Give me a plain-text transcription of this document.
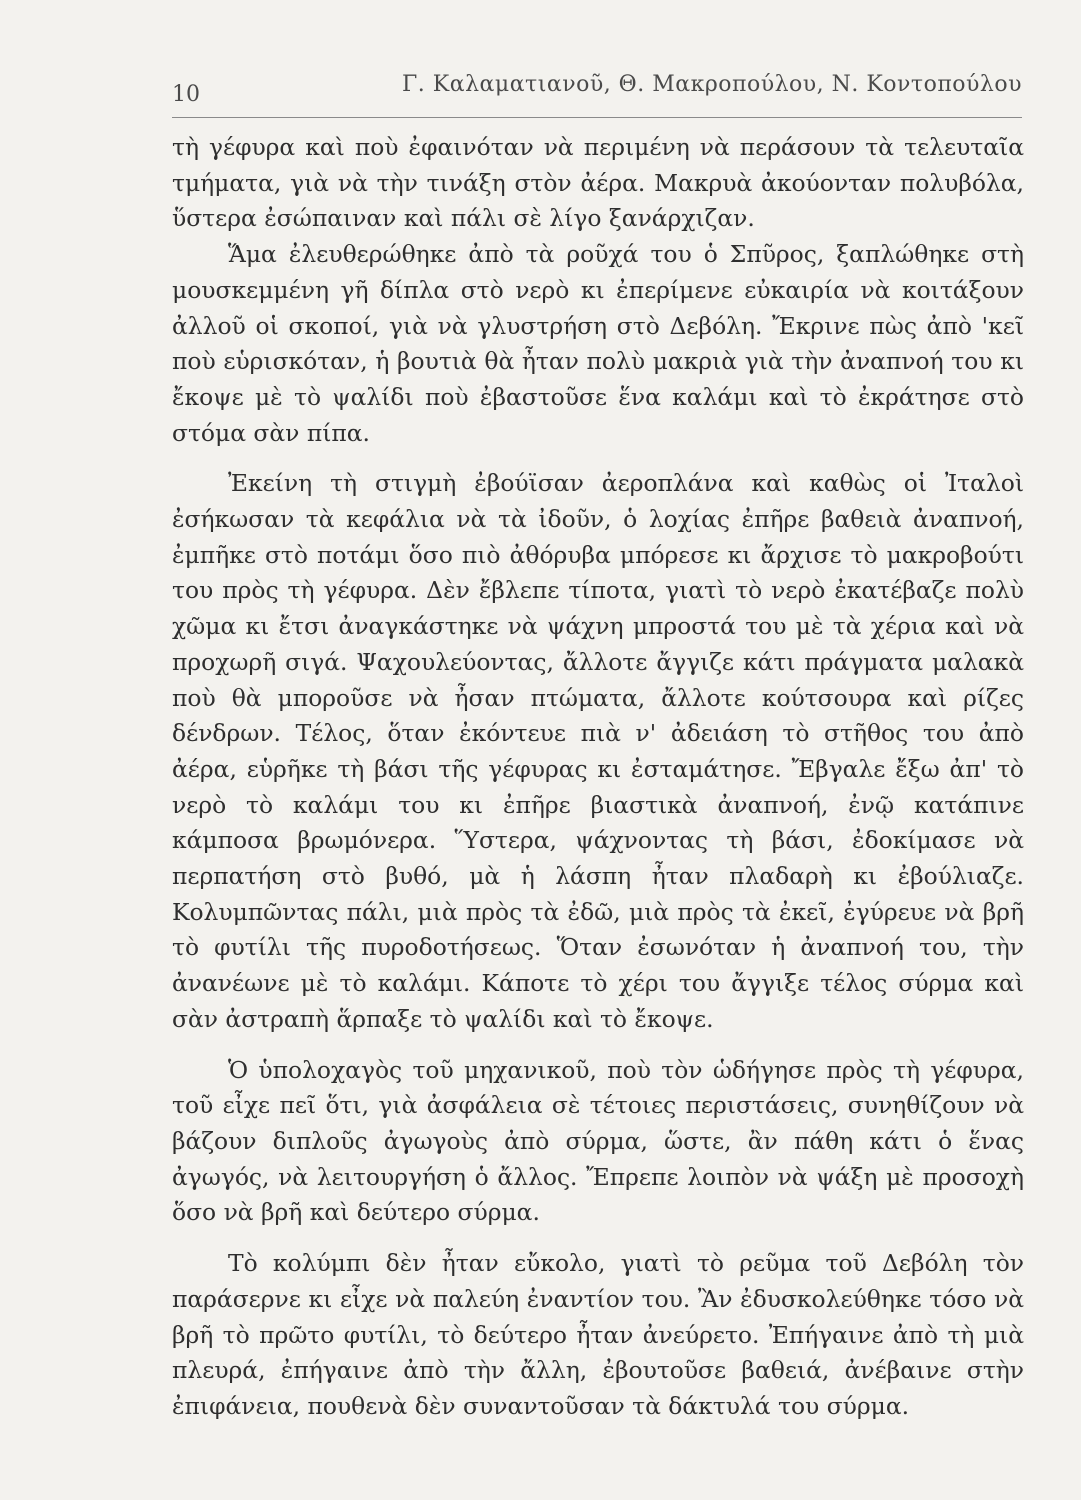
10	Γ. Καλαματιανοῦ, Θ. Μακροπούλου, Ν. Κοντοπούλου

τὴ γέφυρα καὶ ποὺ ἐφαινόταν νὰ περιμένη νὰ περάσουν τὰ τελευταῖα τμήματα, γιὰ νὰ τὴν τινάξη στὸν ἀέρα. Μακρυὰ ἀκούονταν πολυβόλα, ὕστερα ἐσώπαιναν καὶ πάλι σὲ λίγο ξανάρχιζαν.

Ἅμα ἐλευθερώθηκε ἀπὸ τὰ ροῦχά του ὁ Σπῦρος, ξαπλώθηκε στὴ μουσκεμμένη γῆ δίπλα στὸ νερὸ κι ἐπερίμενε εὐκαιρία νὰ κοιτάξουν ἀλλοῦ οἱ σκοποί, γιὰ νὰ γλυστρήση στὸ Δεβόλη. Ἔκρινε πὼς ἀπὸ 'κεῖ ποὺ εὑρισκόταν, ἡ βουτιὰ θὰ ἦταν πολὺ μακριὰ γιὰ τὴν ἀναπνοή του κι ἔκοψε μὲ τὸ ψαλίδι ποὺ ἐβαστοῦσε ἕνα καλάμι καὶ τὸ ἐκράτησε στὸ στόμα σὰν πίπα.

Ἐκείνη τὴ στιγμὴ ἐβούϊσαν ἀεροπλάνα καὶ καθὼς οἱ Ἰταλοὶ ἐσήκωσαν τὰ κεφάλια νὰ τὰ ἰδοῦν, ὁ λοχίας ἐπῆρε βαθειὰ ἀναπνοή, ἐμπῆκε στὸ ποτάμι ὅσο πιὸ ἀθόρυβα μπόρεσε κι ἄρχισε τὸ μακροβούτι του πρὸς τὴ γέφυρα. Δὲν ἔβλεπε τίποτα, γιατὶ τὸ νερὸ ἐκατέβαζε πολὺ χῶμα κι ἔτσι ἀναγκάστηκε νὰ ψάχνη μπροστά του μὲ τὰ χέρια καὶ νὰ προχωρῆ σιγά. Ψαχουλεύοντας, ἄλλοτε ἄγγιζε κάτι πράγματα μαλακὰ ποὺ θὰ μποροῦσε νὰ ἦσαν πτώματα, ἄλλοτε κούτσουρα καὶ ρίζες δένδρων. Τέλος, ὅταν ἐκόντευε πιὰ ν' ἀδειάση τὸ στῆθος του ἀπὸ ἀέρα, εὑρῆκε τὴ βάσι τῆς γέφυρας κι ἐσταμάτησε. Ἔβγαλε ἔξω ἀπ' τὸ νερὸ τὸ καλάμι του κι ἐπῆρε βιαστικὰ ἀναπνοή, ἐνῷ κατάπινε κάμποσα βρωμόνερα. Ὕστερα, ψάχνοντας τὴ βάσι, ἐδοκίμασε νὰ περπατήση στὸ βυθό, μὰ ἡ λάσπη ἦταν πλαδαρὴ κι ἐβούλιαζε. Κολυμπῶντας πάλι, μιὰ πρὸς τὰ ἐδῶ, μιὰ πρὸς τὰ ἐκεῖ, ἐγύρευε νὰ βρῆ τὸ φυτίλι τῆς πυροδοτήσεως. Ὅταν ἐσωνόταν ἡ ἀναπνοή του, τὴν ἀνανέωνε μὲ τὸ καλάμι. Κάποτε τὸ χέρι του ἄγγιξε τέλος σύρμα καὶ σὰν ἀστραπὴ ἅρπαξε τὸ ψαλίδι καὶ τὸ ἔκοψε.

Ὁ ὑπολοχαγὸς τοῦ μηχανικοῦ, ποὺ τὸν ὡδήγησε πρὸς τὴ γέφυρα, τοῦ εἶχε πεῖ ὅτι, γιὰ ἀσφάλεια σὲ τέτοιες περιστάσεις, συνηθίζουν νὰ βάζουν διπλοῦς ἀγωγοὺς ἀπὸ σύρμα, ὥστε, ἂν πάθη κάτι ὁ ἕνας ἀγωγός, νὰ λειτουργήση ὁ ἄλλος. Ἔπρεπε λοιπὸν νὰ ψάξη μὲ προσοχὴ ὅσο νὰ βρῆ καὶ δεύτερο σύρμα.

Τὸ κολύμπι δὲν ἦταν εὔκολο, γιατὶ τὸ ρεῦμα τοῦ Δεβόλη τὸν παράσερνε κι εἶχε νὰ παλεύη ἐναντίον του. Ἂν ἐδυσκολεύθηκε τόσο νὰ βρῆ τὸ πρῶτο φυτίλι, τὸ δεύτερο ἦταν ἀνεύρετο. Ἐπήγαινε ἀπὸ τὴ μιὰ πλευρά, ἐπήγαινε ἀπὸ τὴν ἄλλη, ἐβουτοῦσε βαθειά, ἀνέβαινε στὴν ἐπιφάνεια, πουθενὰ δὲν συναντοῦσαν τὰ δάκτυλά του σύρμα.
